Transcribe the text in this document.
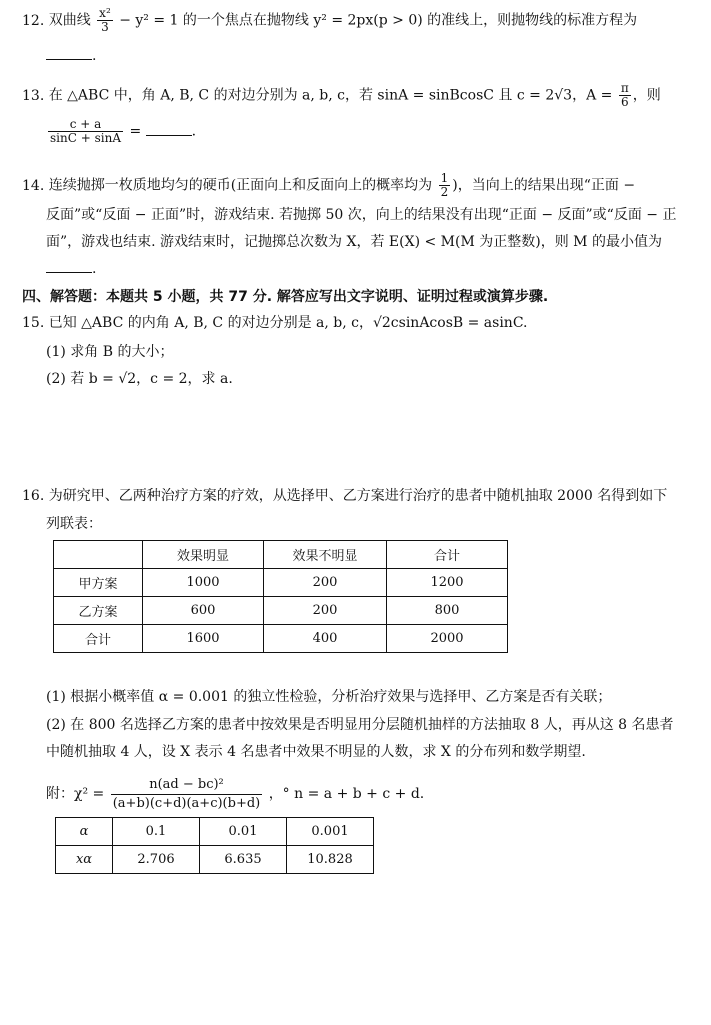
12. 双曲线 $\frac{\text{x²}}{3} - y^2 = 1$ 的一个焦点在抛物线 y² = 2px(p > 0) 的准线上，则抛物线的标准方程为
.
13. 在 △ABC 中，角 A, B, C 的对边分别为 a, b, c，若 sinA = sinBcosC 且 c = 2√3，$A = \frac{\pi}{6}$ ，则
$\frac{c + a}{\sin C + \sin A}$ =	.
14. 连续抛掷一枚质地均匀的硬币(正面向上和反面向上的概率均为 $\frac{1}{2}$ )，当向上的结果出现“正面 −
反面”或“反面 − 正面”时，游戏结束. 若抛掷 50 次，向上的结果没有出现“正面 − 反面”或“反面 − 正
面”，游戏也结束. 游戏结束时，记抛掷总次数为 X，若 E(X) < M(M 为正整数)，则 M 的最小值为
.
四、解答题：本题共 5 小题，共 77 分. 解答应写出文字说明、证明过程或演算步骤.
15. 已知 △ABC 的内角 A, B, C 的对边分别是 a, b, c，√2csinAcosB = asinC.
(1) 求角 B 的大小；
(2) 若 b = √2，c = 2，求 a.
16. 为研究甲、乙两种治疗方案的疗效，从选择甲、乙方案进行治疗的患者中随机抽取 2000 名得到如下
列联表：
	效果明显	效果不明显	合计
甲方案	1000	200	1200
乙方案	600	200	800
合计	1600	400	2000
(1) 根据小概率值 α = 0.001 的独立性检验，分析治疗效果与选择甲、乙方案是否有关联；
(2) 在 800 名选择乙方案的患者中按效果是否明显用分层随机抽样的方法抽取 8 人，再从这 8 名患者
中随机抽取 4 人，设 X 表示 4 名患者中效果不明显的人数，求 X 的分布列和数学期望.
附：$\chi^2 = \frac{\text{n(ad − bc)²}}{(a+b)(c+d)(a+c)(b+d)}$ ，° n = a + b + c + d.
α	0.1	0.01	0.001
xα	2.706	6.635	10.828
